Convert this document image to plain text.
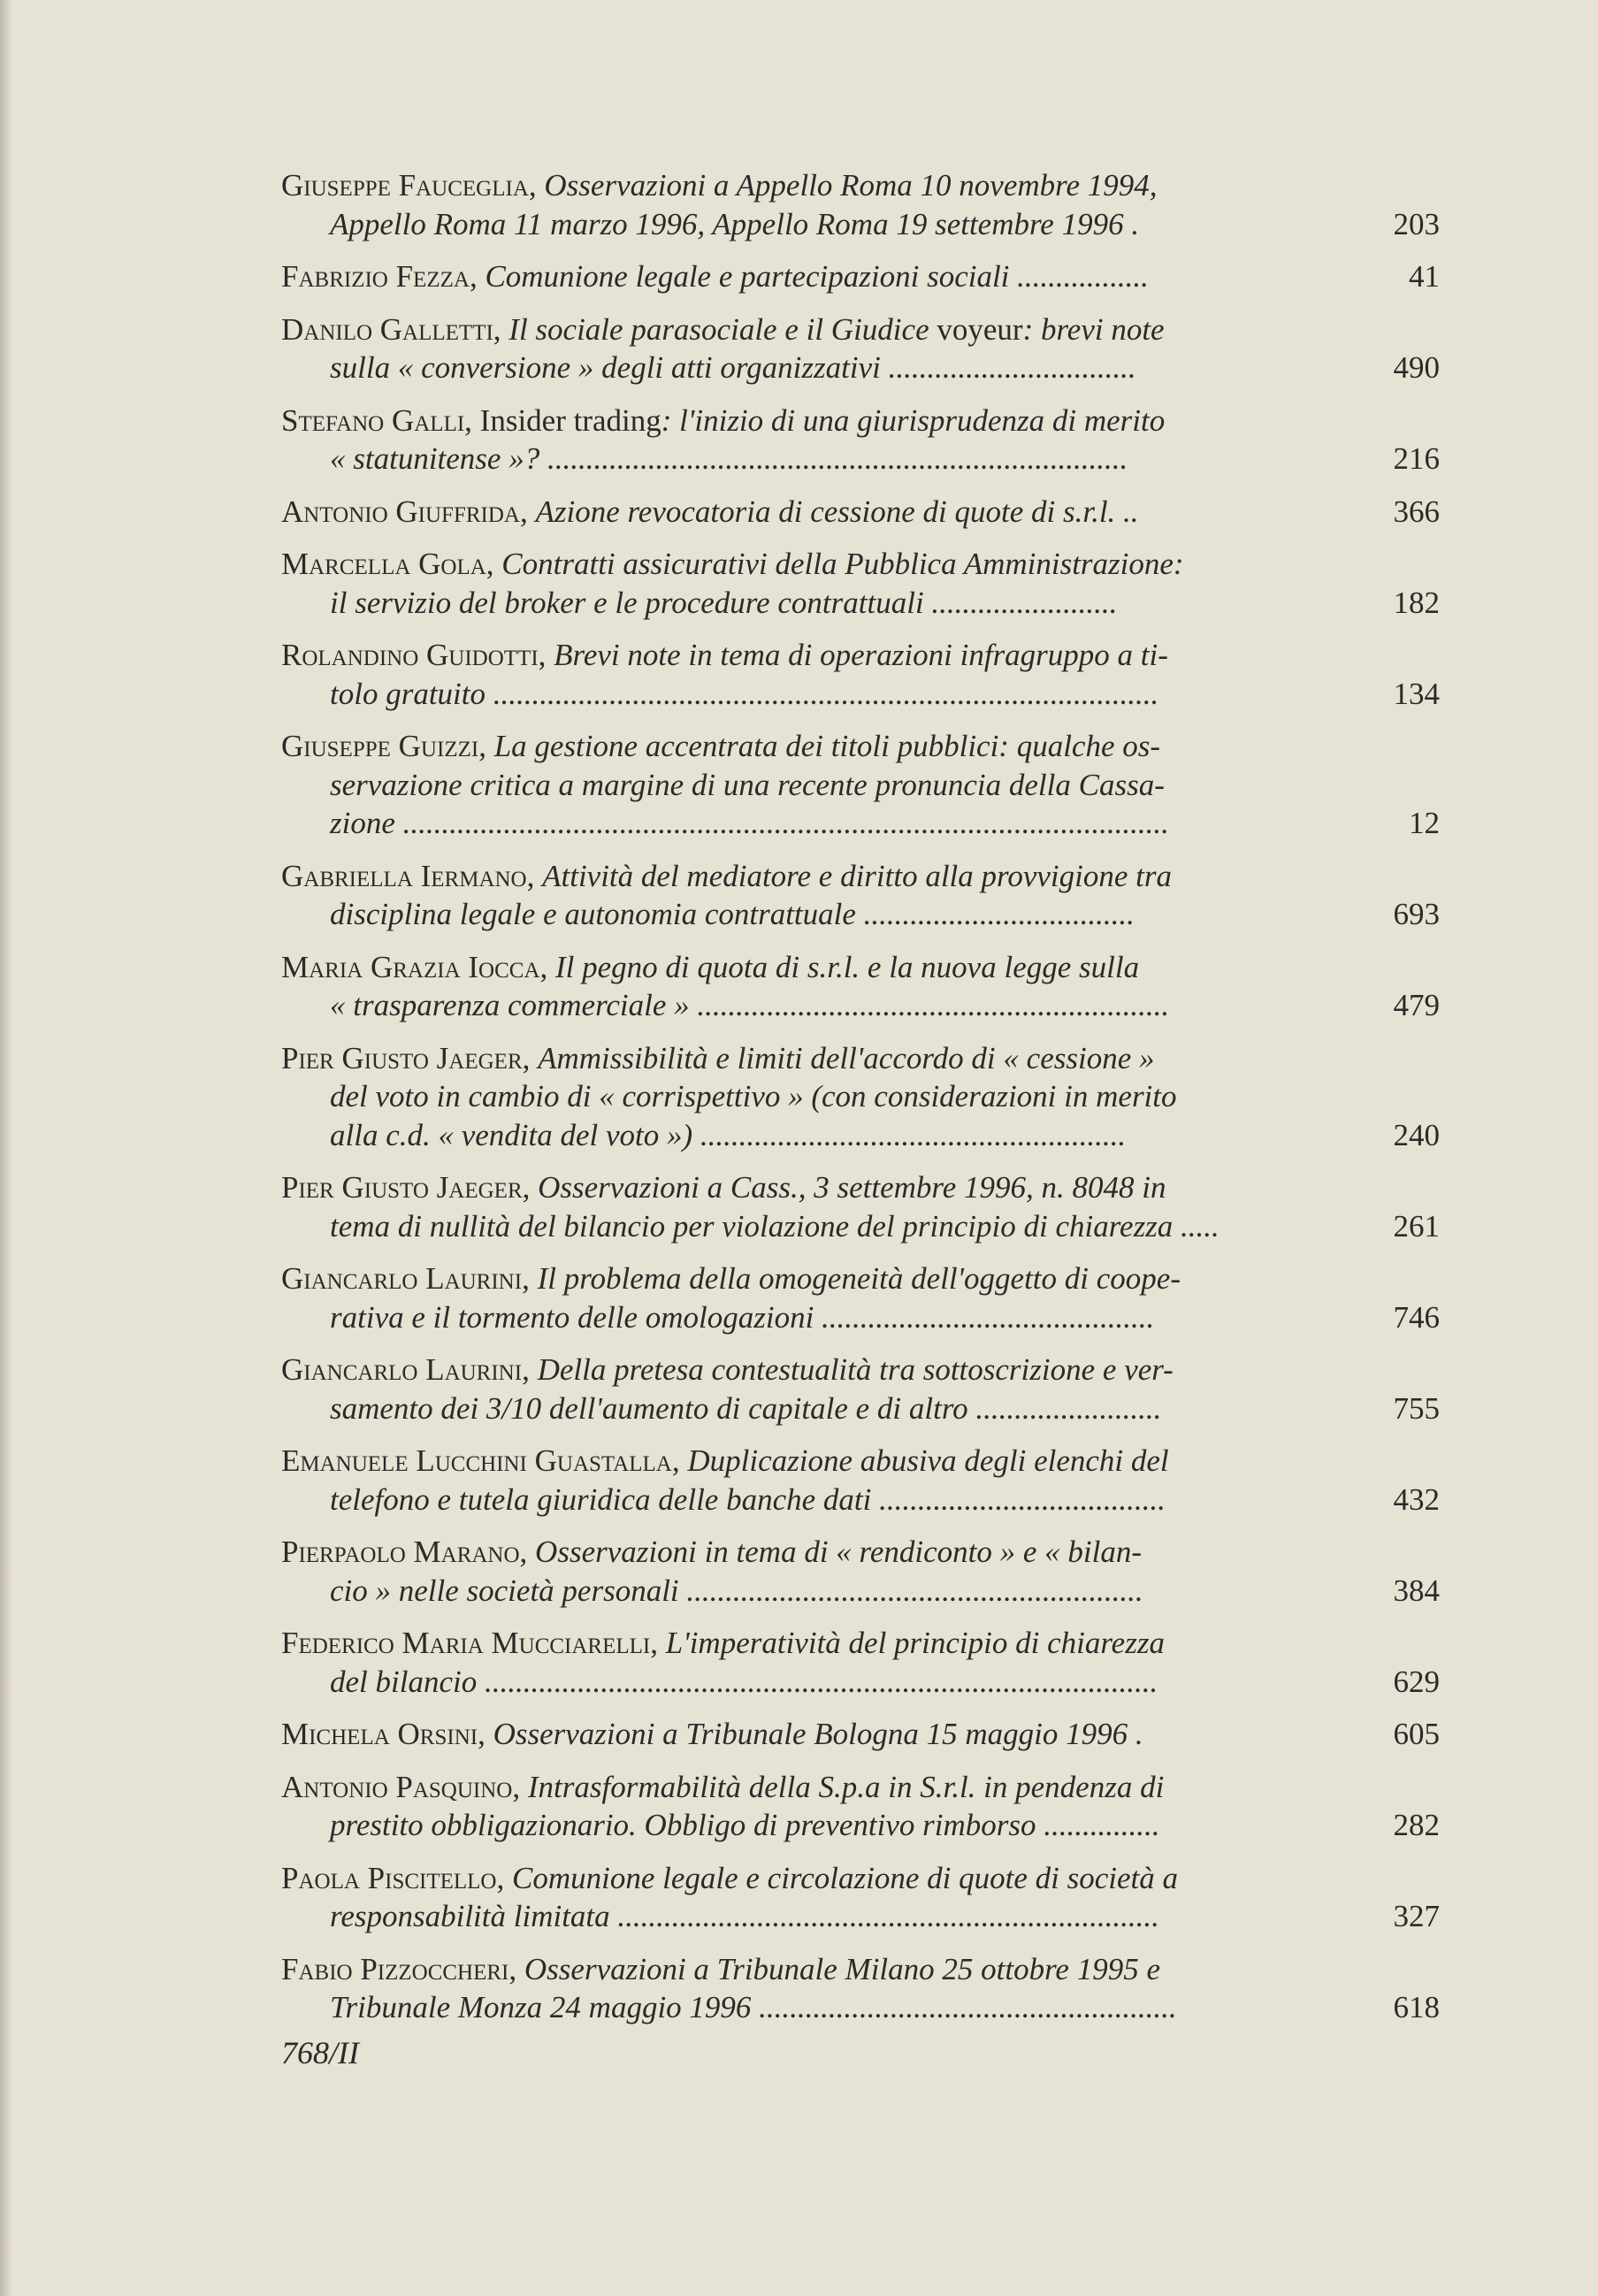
Giuseppe Fauceglia, Osservazioni a Appello Roma 10 novembre 1994,
Appello Roma 11 marzo 1996, Appello Roma 19 settembre 1996 .	203
Fabrizio Fezza, Comunione legale e partecipazioni sociali .................	41
Danilo Galletti, Il sociale parasociale e il Giudice voyeur: brevi note
sulla « conversione » degli atti organizzativi ................................	490
Stefano Galli, Insider trading: l'inizio di una giurisprudenza di merito
« statunitense »? ...........................................................................	216
Antonio Giuffrida, Azione revocatoria di cessione di quote di s.r.l. ..	366
Marcella Gola, Contratti assicurativi della Pubblica Amministrazione:
il servizio del broker e le procedure contrattuali ........................	182
Rolandino Guidotti, Brevi note in tema di operazioni infragruppo a ti-
tolo gratuito ......................................................................................	134
Giuseppe Guizzi, La gestione accentrata dei titoli pubblici: qualche os-
servazione critica a margine di una recente pronuncia della Cassa-
zione ...................................................................................................	12
Gabriella Iermano, Attività del mediatore e diritto alla provvigione tra
disciplina legale e autonomia contrattuale ...................................	693
Maria Grazia Iocca, Il pegno di quota di s.r.l. e la nuova legge sulla
« trasparenza commerciale » .............................................................	479
Pier Giusto Jaeger, Ammissibilità e limiti dell'accordo di « cessione »
del voto in cambio di « corrispettivo » (con considerazioni in merito
alla c.d. « vendita del voto ») .......................................................	240
Pier Giusto Jaeger, Osservazioni a Cass., 3 settembre 1996, n. 8048 in
tema di nullità del bilancio per violazione del principio di chiarezza .....	261
Giancarlo Laurini, Il problema della omogeneità dell'oggetto di coope-
rativa e il tormento delle omologazioni ...........................................	746
Giancarlo Laurini, Della pretesa contestualità tra sottoscrizione e ver-
samento dei 3/10 dell'aumento di capitale e di altro ........................	755
Emanuele Lucchini Guastalla, Duplicazione abusiva degli elenchi del
telefono e tutela giuridica delle banche dati .....................................	432
Pierpaolo Marano, Osservazioni in tema di « rendiconto » e « bilan-
cio » nelle società personali ...........................................................	384
Federico Maria Mucciarelli, L'imperatività del principio di chiarezza
del bilancio .......................................................................................	629
Michela Orsini, Osservazioni a Tribunale Bologna 15 maggio 1996 .	605
Antonio Pasquino, Intrasformabilità della S.p.a in S.r.l. in pendenza di
prestito obbligazionario. Obbligo di preventivo rimborso ...............	282
Paola Piscitello, Comunione legale e circolazione di quote di società a
responsabilità limitata ......................................................................	327
Fabio Pizzoccheri, Osservazioni a Tribunale Milano 25 ottobre 1995 e
Tribunale Monza 24 maggio 1996 ......................................................	618
768/II
